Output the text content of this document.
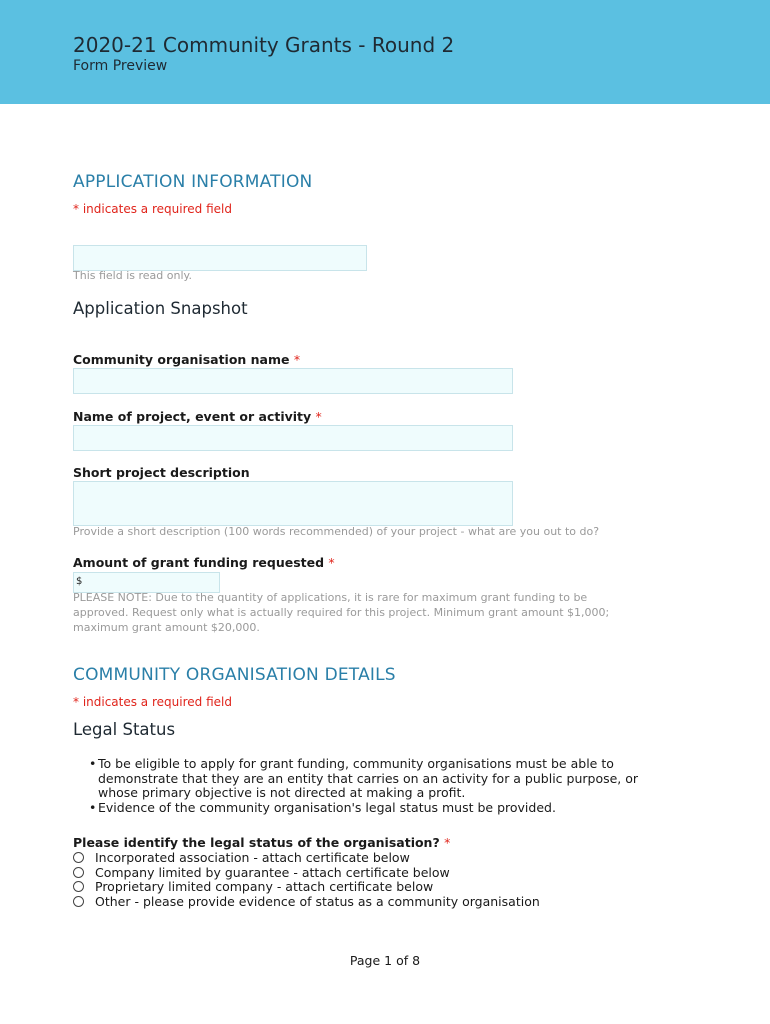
2020-21 Community Grants - Round 2
Form Preview
APPLICATION INFORMATION
* indicates a required field
This field is read only.
Application Snapshot
Community organisation name *
Name of project, event or activity *
Short project description
Provide a short description (100 words recommended) of your project - what are you out to do?
Amount of grant funding requested *
$
PLEASE NOTE: Due to the quantity of applications, it is rare for maximum grant funding to be
approved. Request only what is actually required for this project. Minimum grant amount $1,000;
maximum grant amount $20,000.
COMMUNITY ORGANISATION DETAILS
* indicates a required field
Legal Status
• To be eligible to apply for grant funding, community organisations must be able to
demonstrate that they are an entity that carries on an activity for a public purpose, or
whose primary objective is not directed at making a profit.
• Evidence of the community organisation's legal status must be provided.
Please identify the legal status of the organisation? *
Incorporated association - attach certificate below
Company limited by guarantee - attach certificate below
Proprietary limited company - attach certificate below
Other - please provide evidence of status as a community organisation
Page 1 of 8
